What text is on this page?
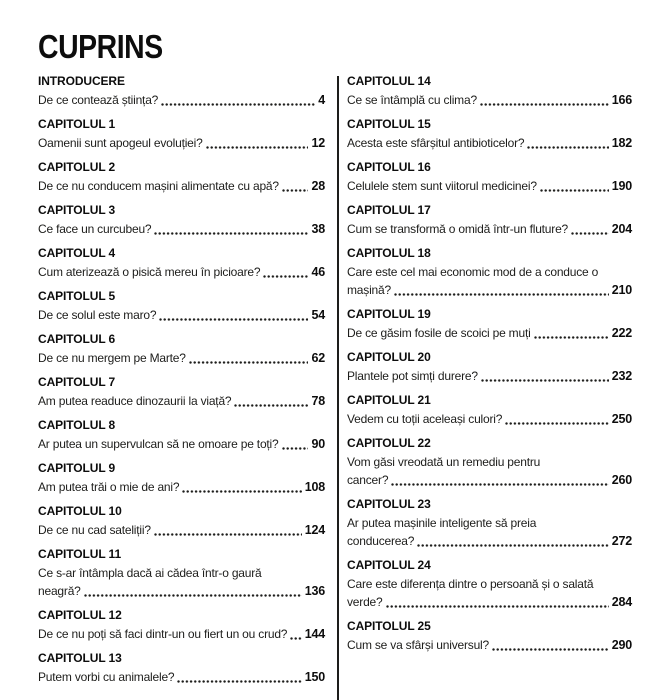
CUPRINS
INTRODUCERE
De ce contează știința?	4
CAPITOLUL 1
Oamenii sunt apogeul evoluției?	12
CAPITOLUL 2
De ce nu conducem mașini alimentate cu apă?	28
CAPITOLUL 3
Ce face un curcubeu?	38
CAPITOLUL 4
Cum aterizează o pisică mereu în picioare?	46
CAPITOLUL 5
De ce solul este maro?	54
CAPITOLUL 6
De ce nu mergem pe Marte?	62
CAPITOLUL 7
Am putea readuce dinozaurii la viață?	78
CAPITOLUL 8
Ar putea un supervulcan să ne omoare pe toți?	90
CAPITOLUL 9
Am putea trăi o mie de ani?	108
CAPITOLUL 10
De ce nu cad sateliții?	124
CAPITOLUL 11
Ce s-ar întâmpla dacă ai cădea într-o gaură
neagră?	136
CAPITOLUL 12
De ce nu poți să faci dintr-un ou fiert un ou crud? 144
CAPITOLUL 13
Putem vorbi cu animalele?	150
CAPITOLUL 14
Ce se întâmplă cu clima?	166
CAPITOLUL 15
Acesta este sfârșitul antibioticelor?	182
CAPITOLUL 16
Celulele stem sunt viitorul medicinei?	190
CAPITOLUL 17
Cum se transformă o omidă într-un fluture?	204
CAPITOLUL 18
Care este cel mai economic mod de a conduce o
mașină?	210
CAPITOLUL 19
De ce găsim fosile de scoici pe muți	222
CAPITOLUL 20
Plantele pot simți durere?	232
CAPITOLUL 21
Vedem cu toții aceleași culori?	250
CAPITOLUL 22
Vom găsi vreodată un remediu pentru
cancer?	260
CAPITOLUL 23
Ar putea mașinile inteligente să preia
conducerea?	272
CAPITOLUL 24
Care este diferența dintre o persoană și o salată
verde?	284
CAPITOLUL 25
Cum se va sfârși universul?	290
